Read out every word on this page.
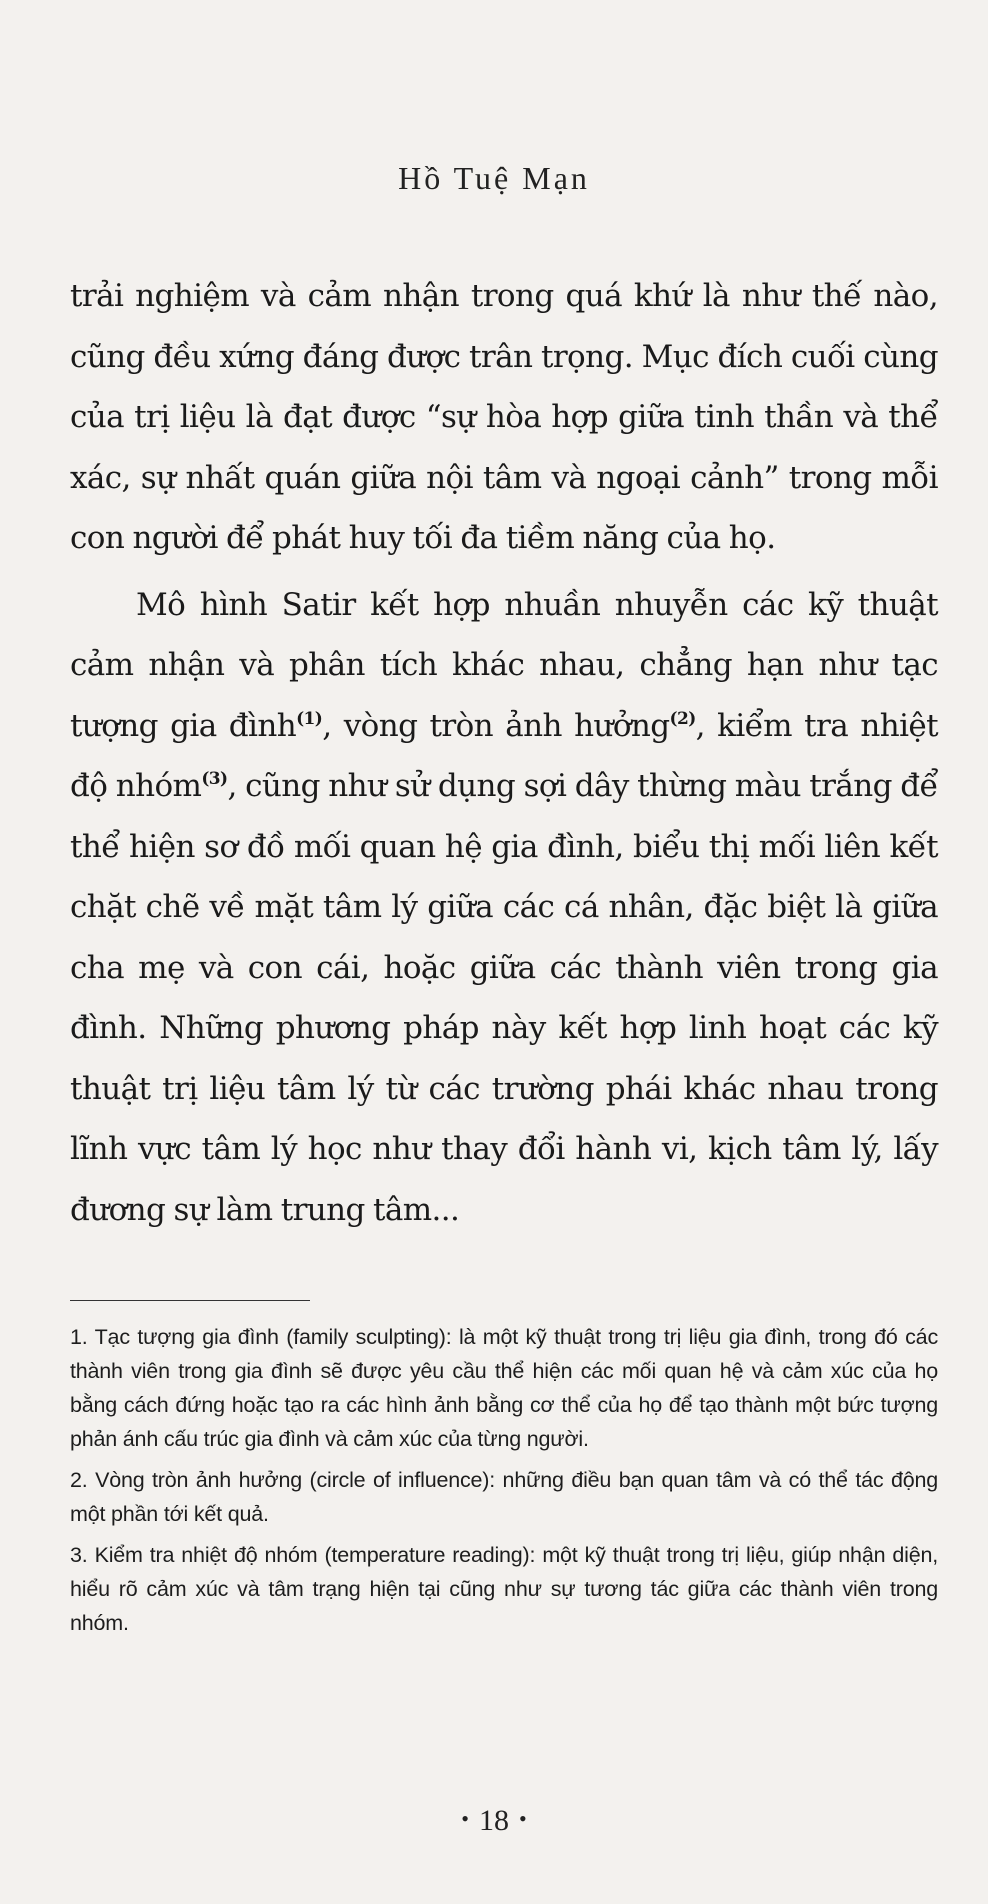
Hồ Tuệ Mạn

trải nghiệm và cảm nhận trong quá khứ là như thế nào, cũng đều xứng đáng được trân trọng. Mục đích cuối cùng của trị liệu là đạt được “sự hòa hợp giữa tinh thần và thể xác, sự nhất quán giữa nội tâm và ngoại cảnh” trong mỗi con người để phát huy tối đa tiềm năng của họ.

Mô hình Satir kết hợp nhuần nhuyễn các kỹ thuật cảm nhận và phân tích khác nhau, chẳng hạn như tạc tượng gia đình$^{(1)}$, vòng tròn ảnh hưởng$^{(2)}$, kiểm tra nhiệt độ nhóm$^{(3)}$, cũng như sử dụng sợi dây thừng màu trắng để thể hiện sơ đồ mối quan hệ gia đình, biểu thị mối liên kết chặt chẽ về mặt tâm lý giữa các cá nhân, đặc biệt là giữa cha mẹ và con cái, hoặc giữa các thành viên trong gia đình. Những phương pháp này kết hợp linh hoạt các kỹ thuật trị liệu tâm lý từ các trường phái khác nhau trong lĩnh vực tâm lý học như thay đổi hành vi, kịch tâm lý, lấy đương sự làm trung tâm...

1. Tạc tượng gia đình (family sculpting): là một kỹ thuật trong trị liệu gia đình, trong đó các thành viên trong gia đình sẽ được yêu cầu thể hiện các mối quan hệ và cảm xúc của họ bằng cách đứng hoặc tạo ra các hình ảnh bằng cơ thể của họ để tạo thành một bức tượng phản ánh cấu trúc gia đình và cảm xúc của từng người.

2. Vòng tròn ảnh hưởng (circle of influence): những điều bạn quan tâm và có thể tác động một phần tới kết quả.

3. Kiểm tra nhiệt độ nhóm (temperature reading): một kỹ thuật trong trị liệu, giúp nhận diện, hiểu rõ cảm xúc và tâm trạng hiện tại cũng như sự tương tác giữa các thành viên trong nhóm.

• 18 •
